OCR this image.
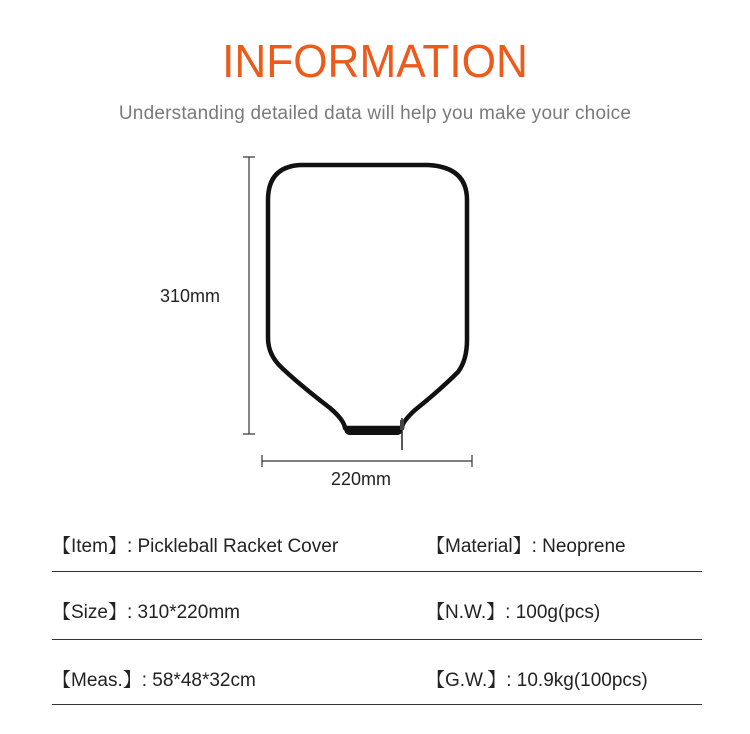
INFORMATION
Understanding detailed data will help you make your choice
310mm
220mm
【Item】: Pickleball Racket Cover	【Material】: Neoprene
【Size】: 310*220mm	【N.W.】: 100g(pcs)
【Meas.】: 58*48*32cm	【G.W.】: 10.9kg(100pcs)
